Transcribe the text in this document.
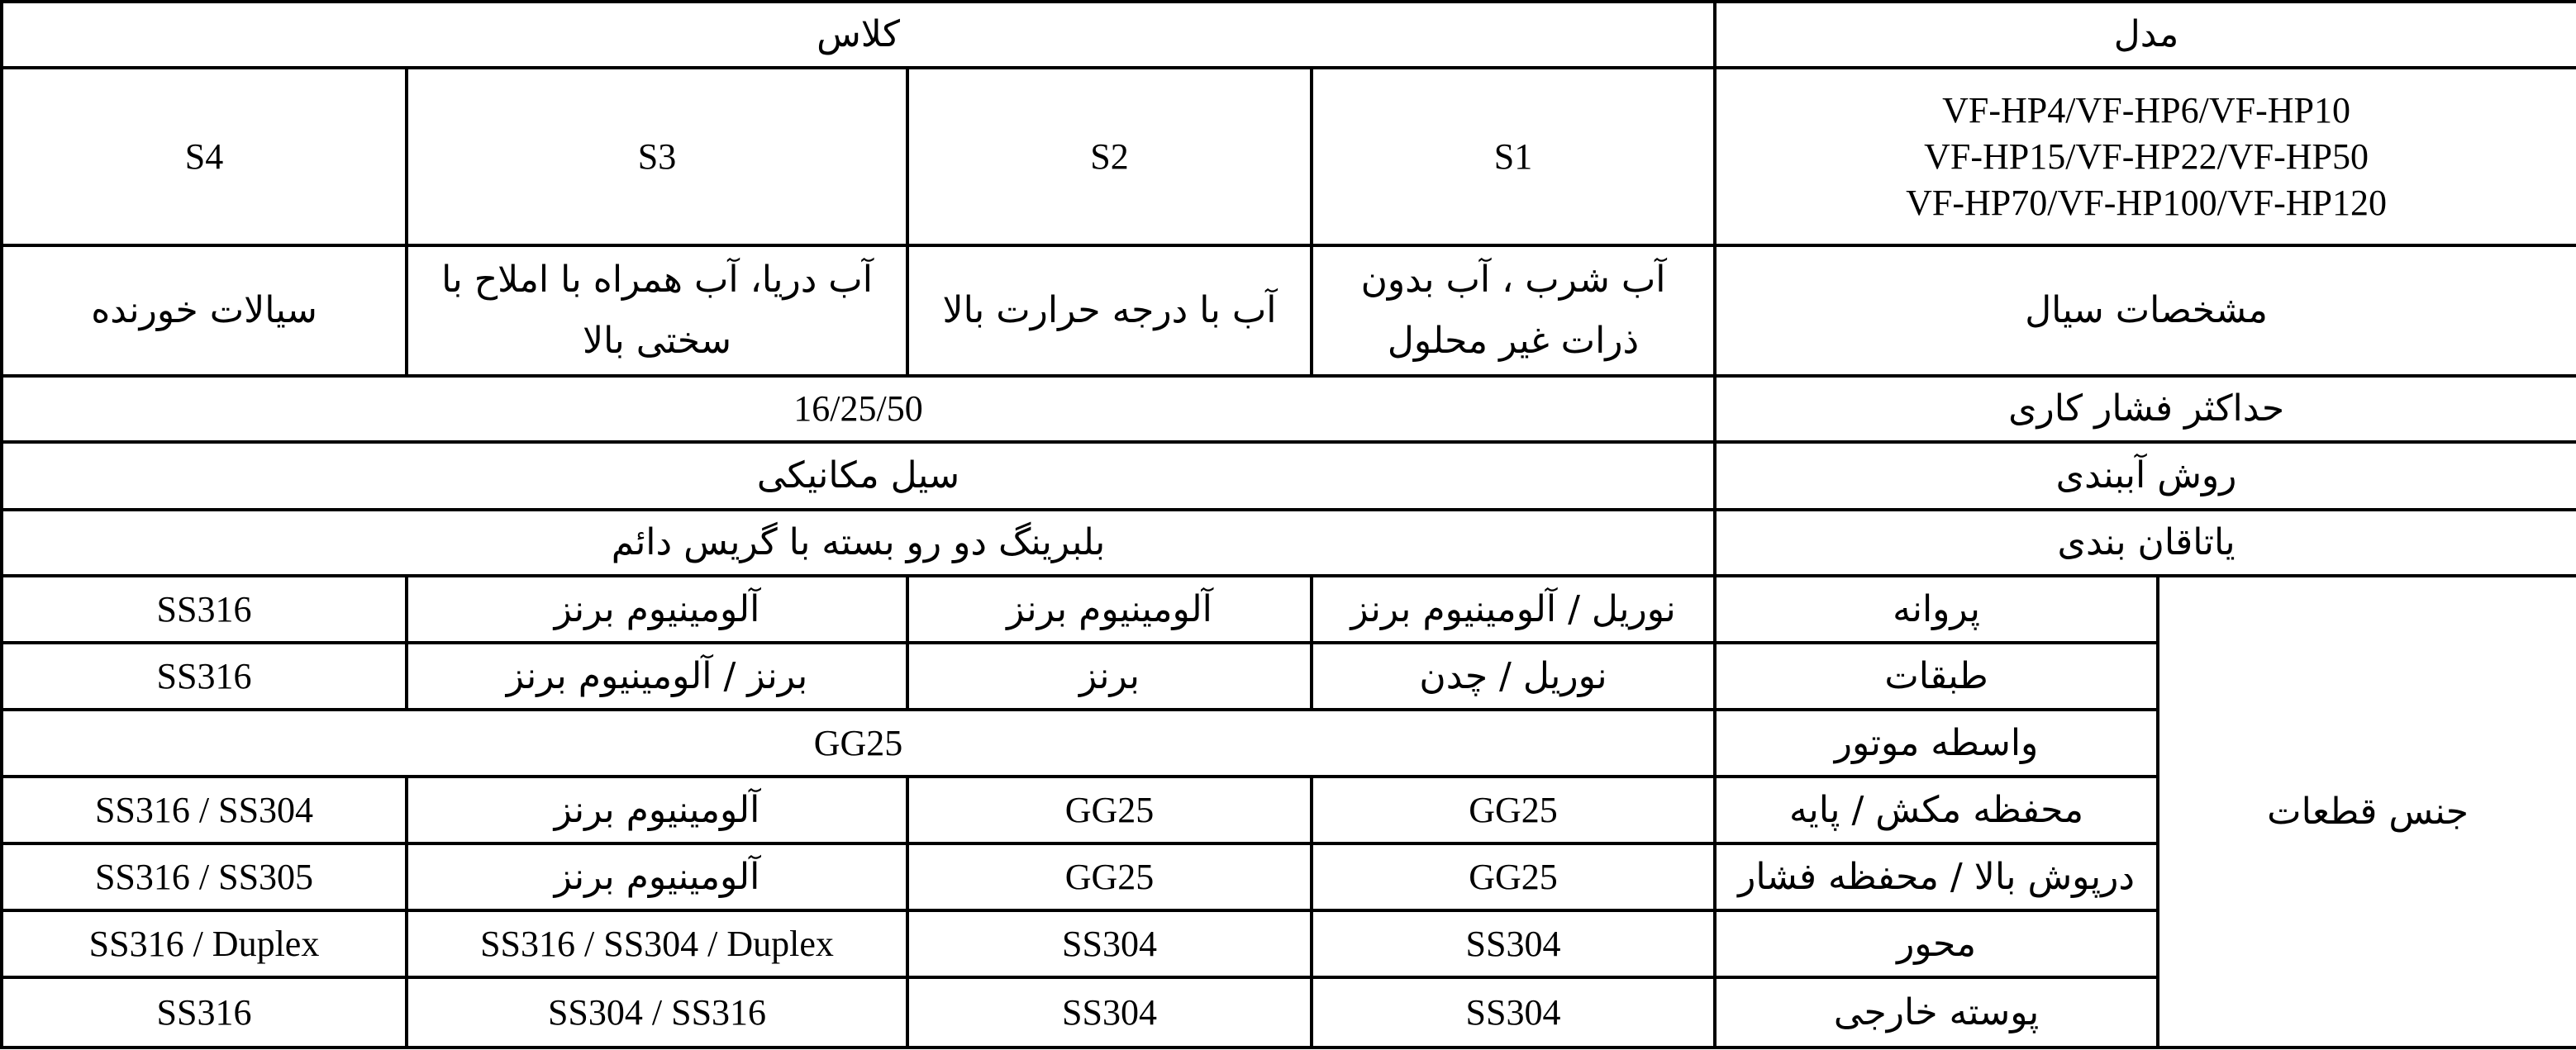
کلاس				مدل	
S4	S3	S2	S1	VF-HP4/VF-HP6/VF-HP10
VF-HP15/VF-HP22/VF-HP50
VF-HP70/VF-HP100/VF-HP120	

سیالات خورنده	آب دریا، آب همراه با املاح با سختی بالا	آب با درجه حرارت بالا	آب شرب ، آب بدون ذرات غیر محلول	مشخصات سیال	
16/25/50				حداکثر فشار کاری	
سیل مکانیکی				روش آببندی	
بلبرینگ دو رو بسته با گریس دائم				یاتاقان بندی	
SS316	آلومینیوم برنز	آلومینیوم برنز	نوریل / آلومینیوم برنز	پروانه	جنس قطعات
SS316	برنز / آلومینیوم برنز	برنز	نوریل / چدن	طبقات	
GG25				واسطه موتور	
SS316 / SS304	آلومینیوم برنز	GG25	GG25	محفظه مکش / پایه	
SS316 / SS305	آلومینیوم برنز	GG25	GG25	درپوش بالا / محفظه فشار	
SS316 / Duplex	SS316 / SS304 / Duplex	SS304	SS304	محور	
SS316	SS304 / SS316	SS304	SS304	پوسته خارجی	
